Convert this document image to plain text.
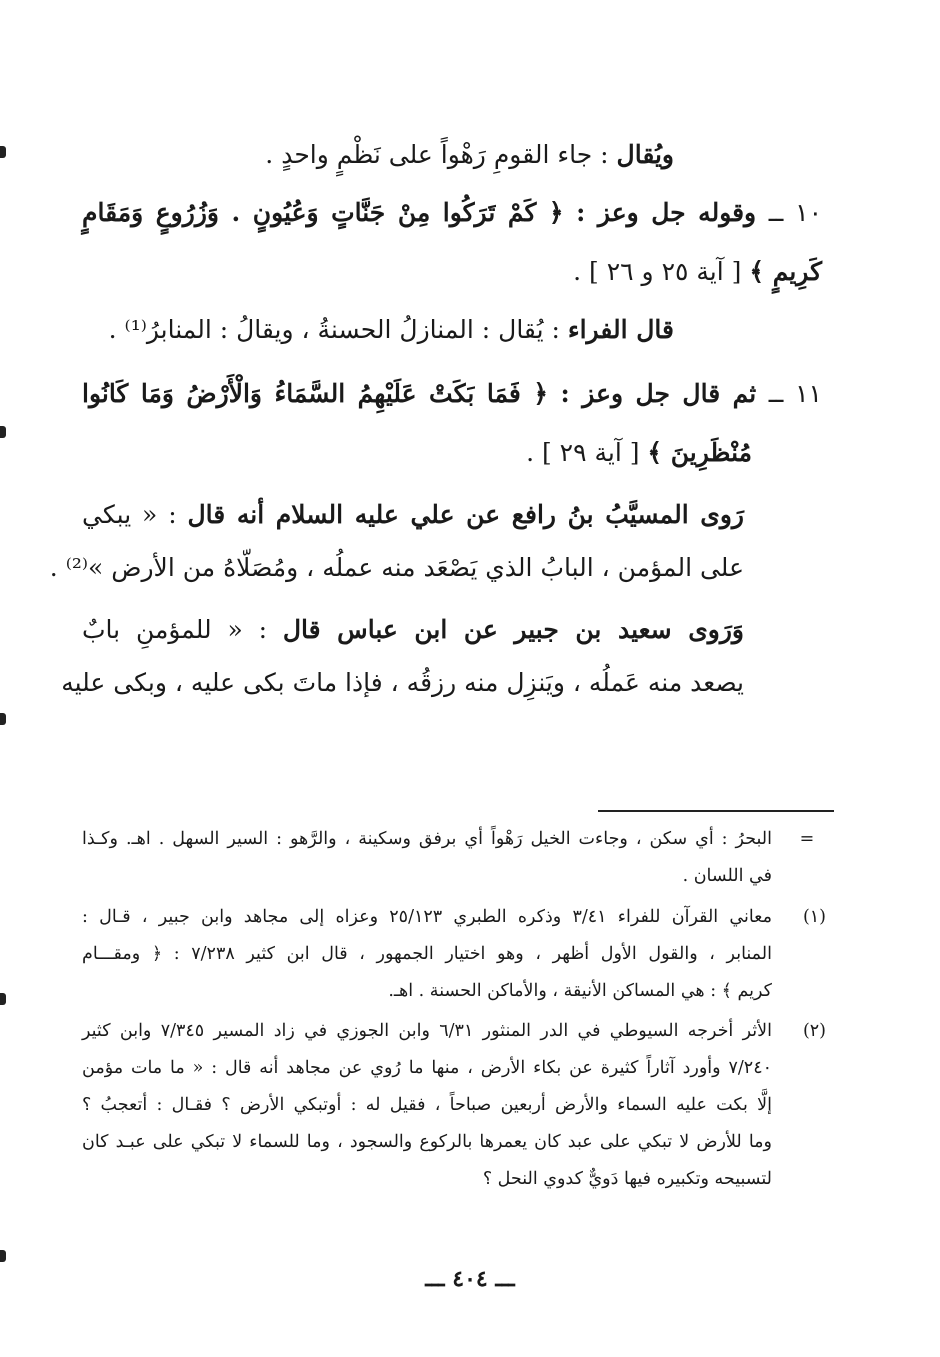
ويُقال : جاء القومِ رَهْواً على نَظْمٍ واحدٍ .
١٠ ــ وقوله جل وعز : ﴿ كَمْ تَرَكُوا مِنْ جَنَّاتٍ وَعُيُونٍ . وَزُرُوعٍ وَمَقَامٍ
كَرِيمٍ ﴾ [ آية ٢٥ و ٢٦ ] .
قال الفراء : يُقال : المنازلُ الحسنةُ ، ويقالُ : المنابرُ⁽¹⁾ .
١١ ــ ثم قال جل وعز : ﴿ فَمَا بَكَتْ عَلَيْهِمُ السَّمَاءُ وَالْأَرْضُ وَمَا كَانُوا
مُنْظَرِينَ ﴾ [ آية ٢٩ ] .
رَوى المسيَّبُ بنُ رافع عن علي عليه السلام أنه قال : « يبكي
على المؤمن ، البابُ الذي يَصْعَد منه عملُه ، ومُصَلّاهُ من الأرض »⁽²⁾ .
وَرَوى سعيد بن جبير عن ابن عباس قال : « للمؤمنِ بابٌ
يصعد منه عَملُه ، ويَنزِل منه رزقُه ، فإذا ماتَ بكى عليه ، وبكى عليه
=
البحرُ : أي سكن ، وجاءت الخيل رَهْواً أي برفق وسكينة ، والرَّهو : السير السهل . اهـ. وكـذا
في اللسان .
(١)
معاني القرآن للفراء ٣/٤١ وذكره الطبري ٢٥/١٢٣ وعزاه إلى مجاهد وابن جبير ، قـال :
المنابر ، والقول الأول أظهر ، وهو اختيار الجمهور ، قال ابن كثير ٧/٢٣٨ : ﴿ ومقـــام
كريم ﴾ : هي المساكن الأنيقة ، والأماكن الحسنة . اهـ.
(٢)
الأثر أخرجه السيوطي في الدر المنثور ٦/٣١ وابن الجوزي في زاد المسير ٧/٣٤٥ وابن كثير
٧/٢٤٠ وأورد آثاراً كثيرة عن بكاء الأرض ، منها ما رُوي عن مجاهد أنه قال : « ما مات مؤمن
إلَّا بكت عليه السماء والأرض أربعين صباحاً ، فقيل له : أوتبكي الأرض ؟ فقـال : أتعجبُ ؟
وما للأرض لا تبكي على عبد كان يعمرها بالركوع والسجود ، وما للسماء لا تبكي على عبـد كان
لتسبيحه وتكبيره فيها دَويٌّ كدوي النحل ؟
ـــ ٤٠٤ ـــ
